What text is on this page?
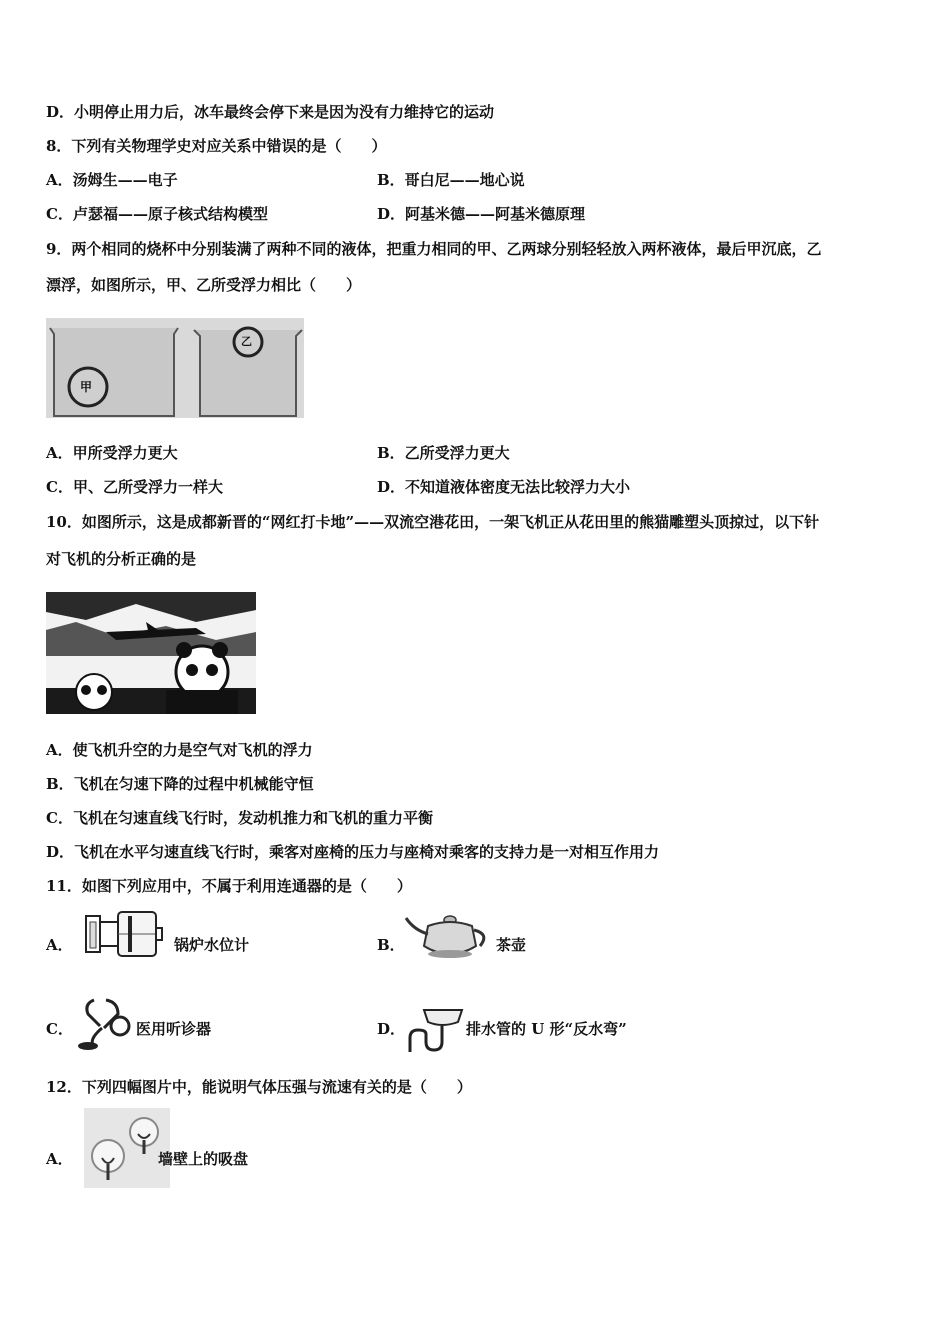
D．小明停止用力后，冰车最终会停下来是因为没有力维持它的运动
8．下列有关物理学史对应关系中错误的是（　　）
A．汤姆生——电子	B．哥白尼——地心说
C．卢瑟福——原子核式结构模型	D．阿基米德——阿基米德原理
9．两个相同的烧杯中分别装满了两种不同的液体，把重力相同的甲、乙两球分别轻轻放入两杯液体，最后甲沉底，乙
漂浮，如图所示，甲、乙所受浮力相比（　　）
甲
乙
A．甲所受浮力更大	B．乙所受浮力更大
C．甲、乙所受浮力一样大	D．不知道液体密度无法比较浮力大小
10．如图所示，这是成都新晋的“网红打卡地”——双流空港花田，一架飞机正从花田里的熊猫雕塑头顶掠过，以下针
对飞机的分析正确的是
A．使飞机升空的力是空气对飞机的浮力
B．飞机在匀速下降的过程中机械能守恒
C．飞机在匀速直线飞行时，发动机推力和飞机的重力平衡
D．飞机在水平匀速直线飞行时，乘客对座椅的压力与座椅对乘客的支持力是一对相互作用力
11．如图下列应用中，不属于利用连通器的是（　　）
A．	锅炉水位计	B．	茶壶
C．	医用听诊器	D．	排水管的 U 形“反水弯”
12．下列四幅图片中，能说明气体压强与流速有关的是（　　）
A．	墙壁上的吸盘
